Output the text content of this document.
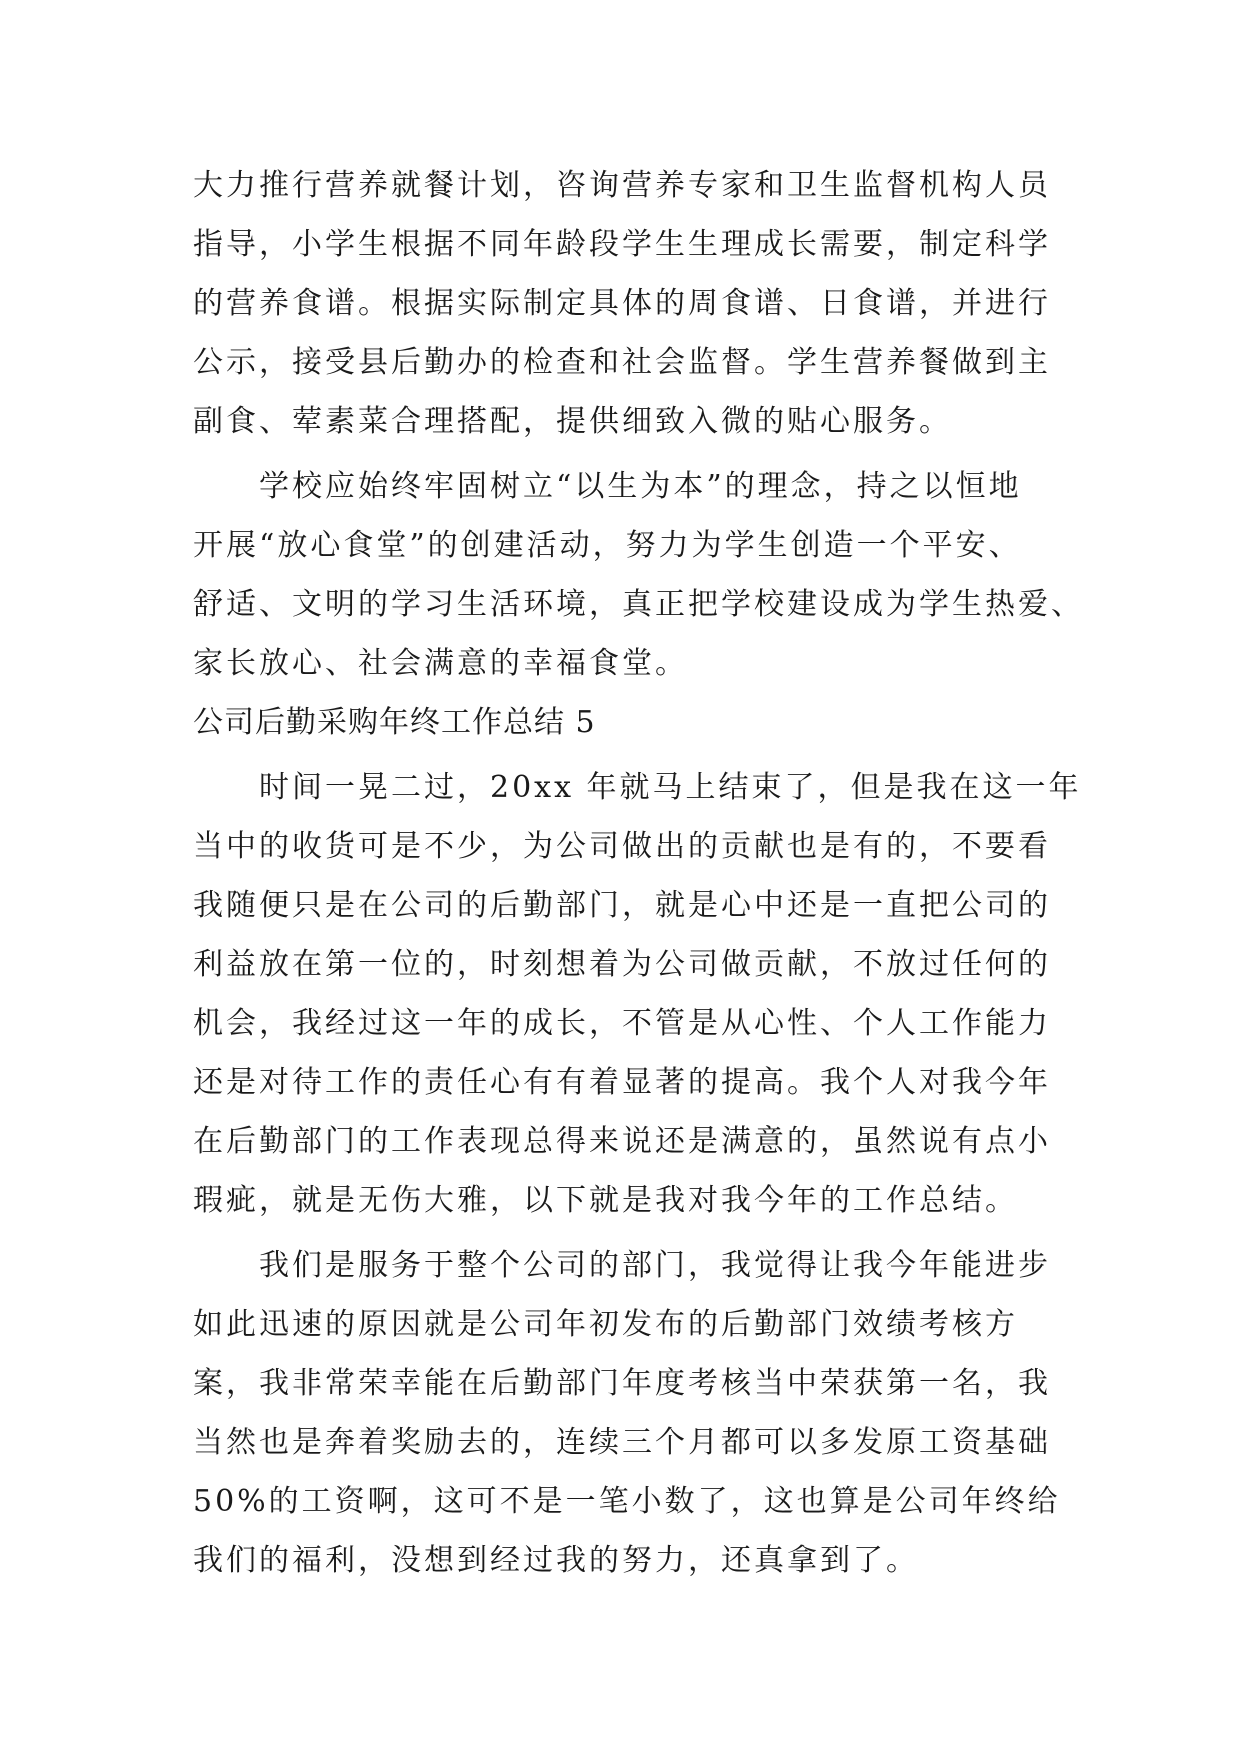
大力推行营养就餐计划，咨询营养专家和卫生监督机构人员
指导，小学生根据不同年龄段学生生理成长需要，制定科学
的营养食谱。根据实际制定具体的周食谱、日食谱，并进行
公示，接受县后勤办的检查和社会监督。学生营养餐做到主
副食、荤素菜合理搭配，提供细致入微的贴心服务。
学校应始终牢固树立“以生为本”的理念，持之以恒地
开展“放心食堂”的创建活动，努力为学生创造一个平安、
舒适、文明的学习生活环境，真正把学校建设成为学生热爱、
家长放心、社会满意的幸福食堂。
公司后勤采购年终工作总结 5
时间一晃二过，20xx 年就马上结束了，但是我在这一年
当中的收货可是不少，为公司做出的贡献也是有的，不要看
我随便只是在公司的后勤部门，就是心中还是一直把公司的
利益放在第一位的，时刻想着为公司做贡献，不放过任何的
机会，我经过这一年的成长，不管是从心性、个人工作能力
还是对待工作的责任心有有着显著的提高。我个人对我今年
在后勤部门的工作表现总得来说还是满意的，虽然说有点小
瑕疵，就是无伤大雅，以下就是我对我今年的工作总结。
我们是服务于整个公司的部门，我觉得让我今年能进步
如此迅速的原因就是公司年初发布的后勤部门效绩考核方
案，我非常荣幸能在后勤部门年度考核当中荣获第一名，我
当然也是奔着奖励去的，连续三个月都可以多发原工资基础
50%的工资啊，这可不是一笔小数了，这也算是公司年终给
我们的福利，没想到经过我的努力，还真拿到了。
